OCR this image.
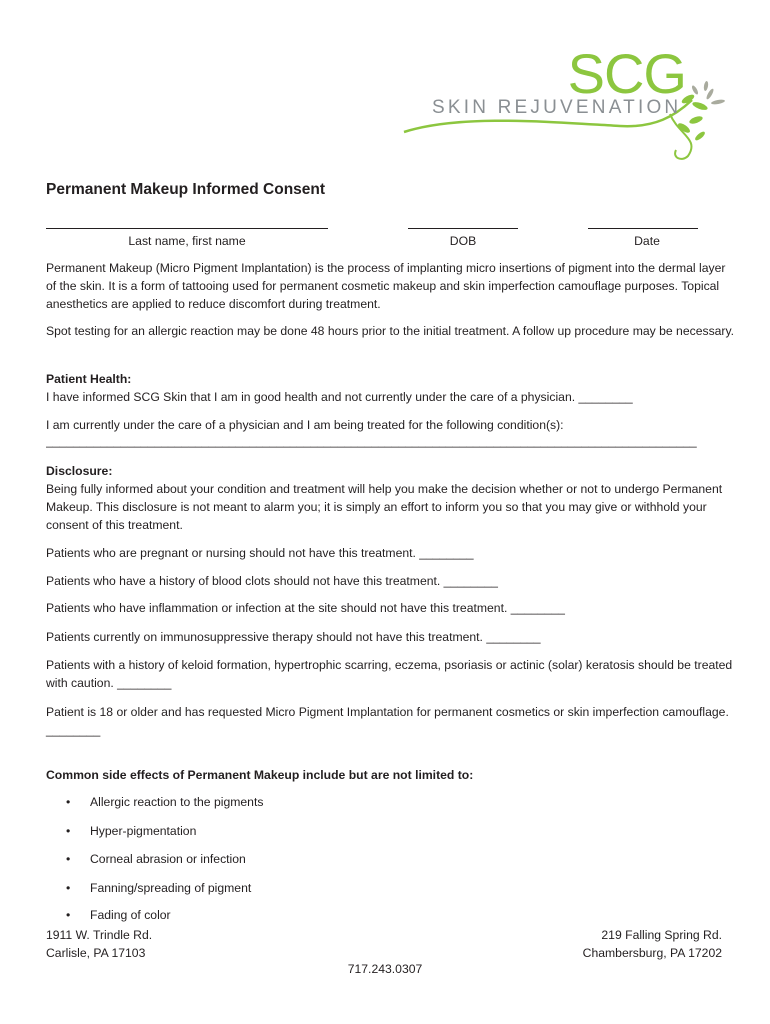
SCG
SKIN REJUVENATION
Permanent Makeup Informed Consent
Last name, first name	DOB	Date
Permanent Makeup (Micro Pigment Implantation) is the process of implanting micro insertions of pigment into the dermal layer of the skin. It is a form of tattooing used for permanent cosmetic makeup and skin imperfection camouflage purposes. Topical anesthetics are applied to reduce discomfort during treatment.
Spot testing for an allergic reaction may be done 48 hours prior to the initial treatment. A follow up procedure may be necessary.
Patient Health:
I have informed SCG Skin that I am in good health and not currently under the care of a physician. ________
I am currently under the care of a physician and I am being treated for the following condition(s):
________________________________________________________________________________________________
Disclosure:
Being fully informed about your condition and treatment will help you make the decision whether or not to undergo Permanent Makeup. This disclosure is not meant to alarm you; it is simply an effort to inform you so that you may give or withhold your consent of this treatment.
Patients who are pregnant or nursing should not have this treatment. ________
Patients who have a history of blood clots should not have this treatment. ________
Patients who have inflammation or infection at the site should not have this treatment. ________
Patients currently on immunosuppressive therapy should not have this treatment. ________
Patients with a history of keloid formation, hypertrophic scarring, eczema, psoriasis or actinic (solar) keratosis should be treated with caution. ________
Patient is 18 or older and has requested Micro Pigment Implantation for permanent cosmetics or skin imperfection camouflage. ________
Common side effects of Permanent Makeup include but are not limited to:
• Allergic reaction to the pigments
• Hyper-pigmentation
• Corneal abrasion or infection
• Fanning/spreading of pigment
• Fading of color
1911 W. Trindle Rd.
Carlisle, PA 17103
219 Falling Spring Rd.
Chambersburg, PA 17202
717.243.0307
